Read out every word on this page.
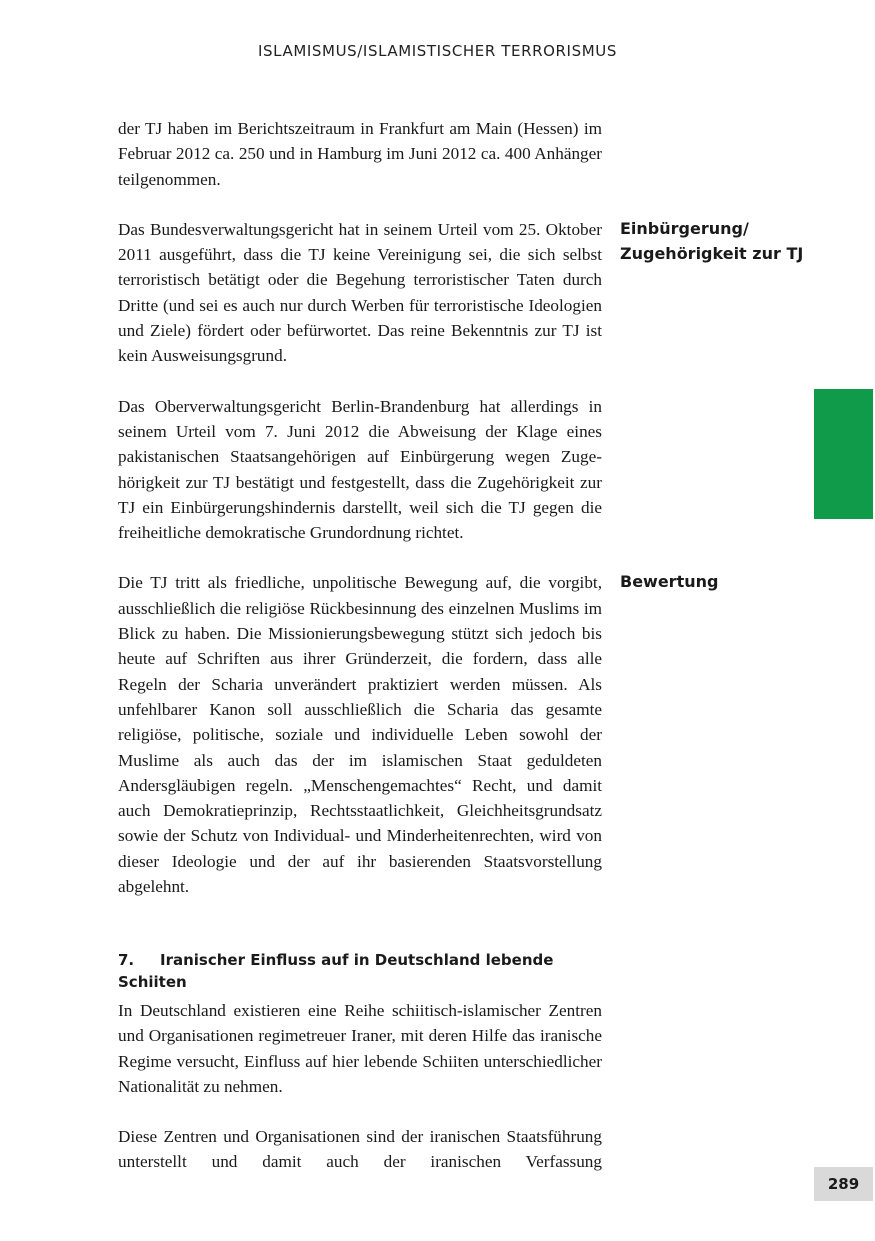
ISLAMISMUS/ISLAMISTISCHER TERRORISMUS

der TJ haben im Berichtszeitraum in Frankfurt am Main (Hessen) im Februar 2012 ca. 250 und in Hamburg im Juni 2012 ca. 400 Anhänger teilgenommen.

Das Bundesverwaltungsgericht hat in seinem Urteil vom 25. Oktober 2011 ausgeführt, dass die TJ keine Vereinigung sei, die sich selbst terroristisch betätigt oder die Begehung terroristischer Taten durch Dritte (und sei es auch nur durch Werben für terroristische Ideologien und Ziele) fördert oder befürwortet. Das reine Bekenntnis zur TJ ist kein Ausweisungsgrund.

Das Oberverwaltungsgericht Berlin-Brandenburg hat allerdings in seinem Urteil vom 7. Juni 2012 die Abweisung der Klage eines pakistanischen Staatsangehörigen auf Einbürgerung wegen Zugehörigkeit zur TJ bestätigt und festgestellt, dass die Zugehörigkeit zur TJ ein Einbürgerungshindernis darstellt, weil sich die TJ gegen die freiheitliche demokratische Grundordnung richtet.

Die TJ tritt als friedliche, unpolitische Bewegung auf, die vorgibt, ausschließlich die religiöse Rückbesinnung des einzelnen Muslims im Blick zu haben. Die Missionierungsbewegung stützt sich jedoch bis heute auf Schriften aus ihrer Gründerzeit, die fordern, dass alle Regeln der Scharia unverändert praktiziert werden müssen. Als unfehlbarer Kanon soll ausschließlich die Scharia das gesamte religiöse, politische, soziale und individuelle Leben sowohl der Muslime als auch das der im islamischen Staat geduldeten Andersgläubigen regeln. „Menschengemachtes“ Recht, und damit auch Demokratieprinzip, Rechtsstaatlichkeit, Gleichheitsgrundsatz sowie der Schutz von Individual- und Minderheitenrechten, wird von dieser Ideologie und der auf ihr basierenden Staatsvorstellung abgelehnt.

Einbürgerung/
Zugehörigkeit zur TJ
Bewertung
7. Iranischer Einfluss auf in Deutschland lebende Schiiten

In Deutschland existieren eine Reihe schiitisch-islamischer Zentren und Organisationen regimetreuer Iraner, mit deren Hilfe das iranische Regime versucht, Einfluss auf hier lebende Schiiten unterschiedlicher Nationalität zu nehmen.

Diese Zentren und Organisationen sind der iranischen Staatsführung unterstellt und damit auch der iranischen Verfassung

289
